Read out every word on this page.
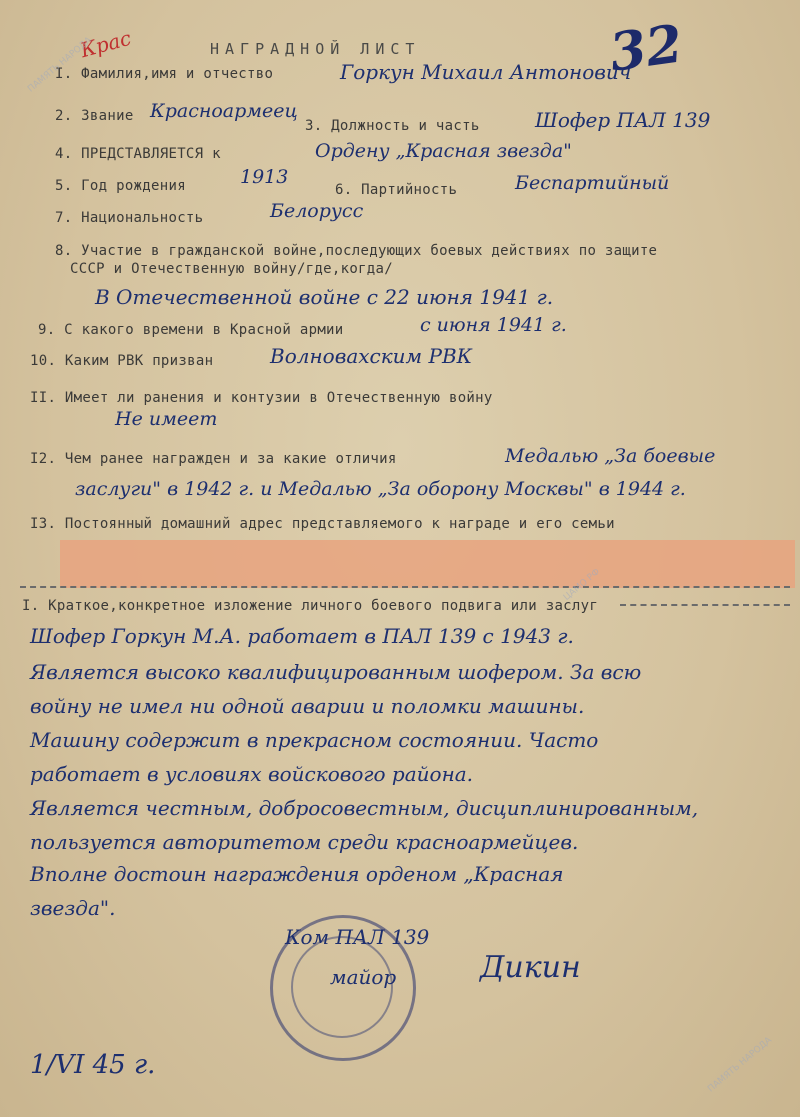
Крас	НАГРАДНОЙ ЛИСТ	32
I. Фамилия,имя и отчество	Горкун Михаил Антонович
2. Звание Красноармеец
3. Должность и часть	Шофер ПАЛ 139
4. ПРЕДСТАВЛЯЕТСЯ к	Ордену „Красная звезда"
5. Год рождения	1913
6. Партийность	Беспартийный
7. Национальность	Белорусс
8. Участие в гражданской войне,последующих боевых действиях по защите
СССР и Отечественную войну/где,когда/
В Отечественной войне с 22 июня 1941 г.
9. С какого времени в Красной армии	с июня 1941 г.
10. Каким РВК призван	Волноваxским РВК
II. Имеет ли ранения и контузии в Отечественную войну
Не имеет
I2. Чем ранее награжден и за какие отличия	Медалью „За боевые
заслуги" в 1942 г. и Медалью „За оборону Москвы" в 1944 г.
I3. Постоянный домашний адрес представляемого к награде и его семьи
I. Краткое,конкретное изложение личного боевого подвига или заслуг
Шофер Горкун М.А. работает в ПАЛ 139 с 1943 г.
Является высоко квалифицированным шофером. За всю
войну не имел ни одной аварии и поломки машины.
Машину содержит в прекрасном состоянии. Часто
работает в условиях войскового района.
Является честным, добросовестным, дисциплинированным,
пользуется авторитетом среди красноармейцев.
Вполне достоин награждения орденом „Красная
звезда".
Ком ПАЛ 139
майор	Дикин
1/VI 45 г.
ПАМЯТЬ НАРОДА
ЦАМО РФ
ПАМЯТЬ НАРОДА
